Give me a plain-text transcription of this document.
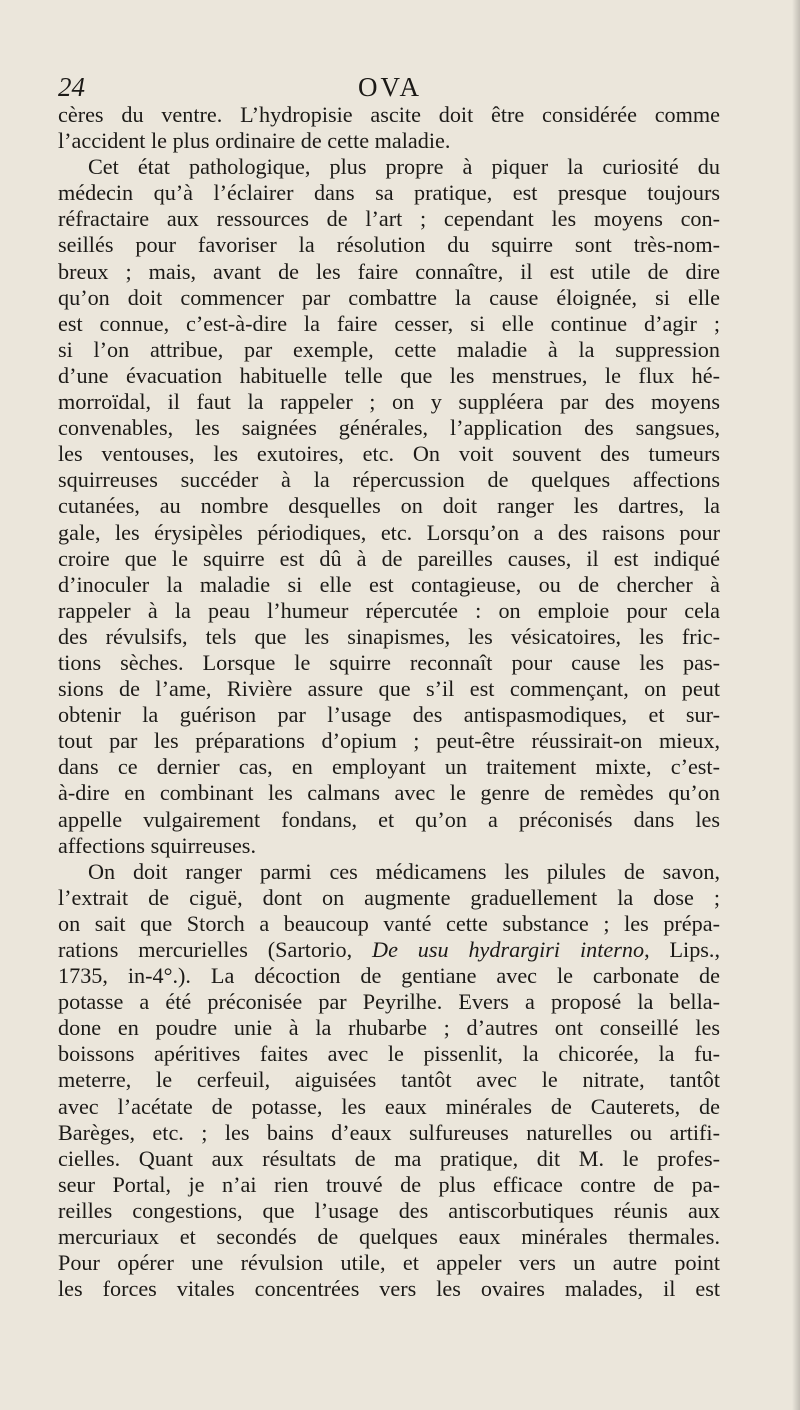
24	OVA
cères du ventre. L’hydropisie ascite doit être considérée comme
l’accident le plus ordinaire de cette maladie.
Cet état pathologique, plus propre à piquer la curiosité du
médecin qu’à l’éclairer dans sa pratique, est presque toujours
réfractaire aux ressources de l’art ; cependant les moyens con-
seillés pour favoriser la résolution du squirre sont très-nom-
breux ; mais, avant de les faire connaître, il est utile de dire
qu’on doit commencer par combattre la cause éloignée, si elle
est connue, c’est-à-dire la faire cesser, si elle continue d’agir ;
si l’on attribue, par exemple, cette maladie à la suppression
d’une évacuation habituelle telle que les menstrues, le flux hé-
morroïdal, il faut la rappeler ; on y suppléera par des moyens
convenables, les saignées générales, l’application des sangsues,
les ventouses, les exutoires, etc. On voit souvent des tumeurs
squirreuses succéder à la répercussion de quelques affections
cutanées, au nombre desquelles on doit ranger les dartres, la
gale, les érysipèles périodiques, etc. Lorsqu’on a des raisons pour
croire que le squirre est dû à de pareilles causes, il est indiqué
d’inoculer la maladie si elle est contagieuse, ou de chercher à
rappeler à la peau l’humeur répercutée : on emploie pour cela
des révulsifs, tels que les sinapismes, les vésicatoires, les fric-
tions sèches. Lorsque le squirre reconnaît pour cause les pas-
sions de l’ame, Rivière assure que s’il est commençant, on peut
obtenir la guérison par l’usage des antispasmodiques, et sur-
tout par les préparations d’opium ; peut-être réussirait-on mieux,
dans ce dernier cas, en employant un traitement mixte, c’est-
à-dire en combinant les calmans avec le genre de remèdes qu’on
appelle vulgairement fondans, et qu’on a préconisés dans les
affections squirreuses.
On doit ranger parmi ces médicamens les pilules de savon,
l’extrait de ciguë, dont on augmente graduellement la dose ;
on sait que Storch a beaucoup vanté cette substance ; les prépa-
rations mercurielles (Sartorio, De usu hydrargiri interno, Lips.,
1735, in-4°.). La décoction de gentiane avec le carbonate de
potasse a été préconisée par Peyrilhe. Evers a proposé la bella-
done en poudre unie à la rhubarbe ; d’autres ont conseillé les
boissons apéritives faites avec le pissenlit, la chicorée, la fu-
meterre, le cerfeuil, aiguisées tantôt avec le nitrate, tantôt
avec l’acétate de potasse, les eaux minérales de Cauterets, de
Barèges, etc. ; les bains d’eaux sulfureuses naturelles ou artifi-
cielles. Quant aux résultats de ma pratique, dit M. le profes-
seur Portal, je n’ai rien trouvé de plus efficace contre de pa-
reilles congestions, que l’usage des antiscorbutiques réunis aux
mercuriaux et secondés de quelques eaux minérales thermales.
Pour opérer une révulsion utile, et appeler vers un autre point
les forces vitales concentrées vers les ovaires malades, il est
